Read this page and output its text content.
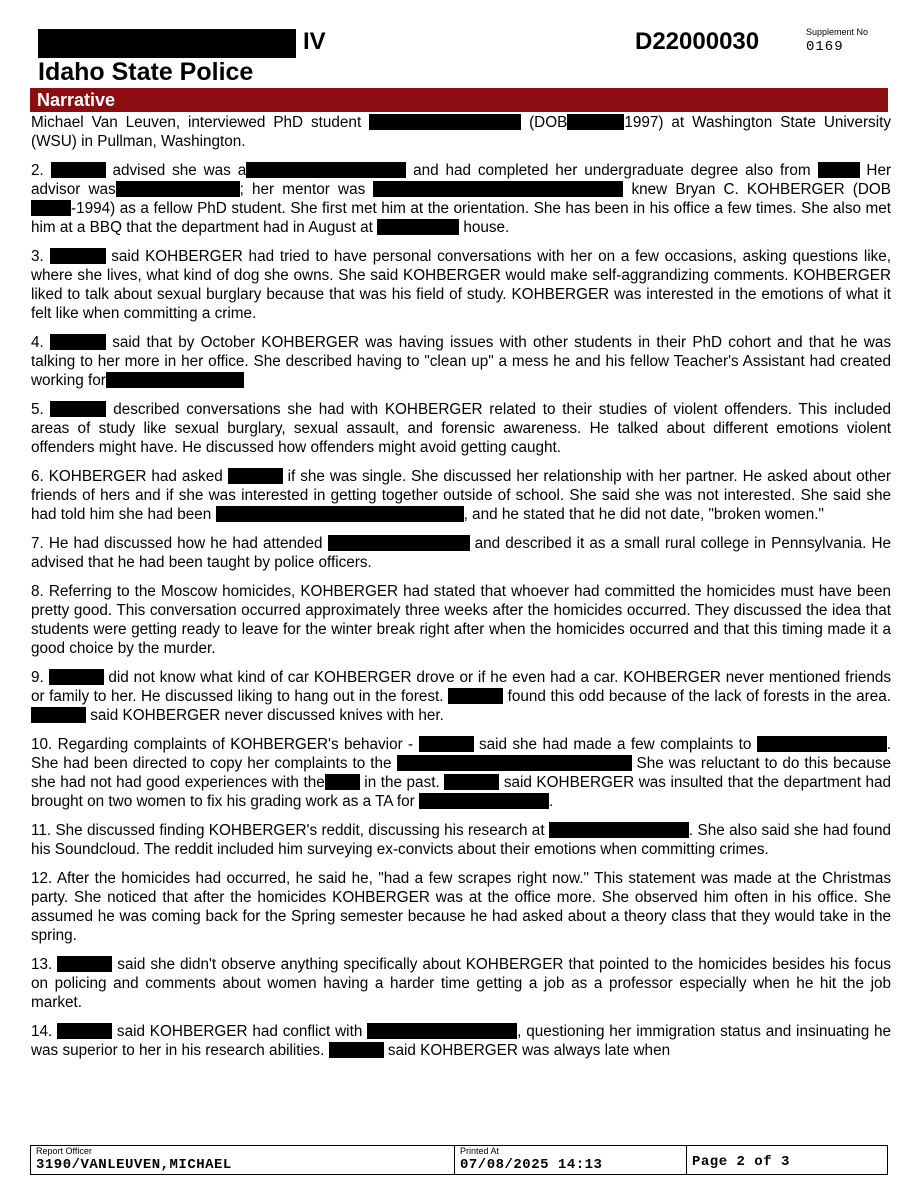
IV	D22000030	Supplement No
0169
Idaho State Police
Narrative

Michael Van Leuven, interviewed PhD student	(DOB	1997) at Washington State University (WSU) in Pullman, Washington.

2.	advised she was a	and had completed her undergraduate degree also from	Her advisor was	; her mentor was	knew Bryan C. KOHBERGER (DOB -1994) as a fellow PhD student. She first met him at the orientation. She has been in his office a few times. She also met him at a BBQ that the department had in August at	house.

3.	said KOHBERGER had tried to have personal conversations with her on a few occasions, asking questions like, where she lives, what kind of dog she owns. She said KOHBERGER would make self-aggrandizing comments. KOHBERGER liked to talk about sexual burglary because that was his field of study. KOHBERGER was interested in the emotions of what it felt like when committing a crime.

4.	said that by October KOHBERGER was having issues with other students in their PhD cohort and that he was talking to her more in her office. She described having to "clean up" a mess he and his fellow Teacher's Assistant had created working for

5.	described conversations she had with KOHBERGER related to their studies of violent offenders. This included areas of study like sexual burglary, sexual assault, and forensic awareness. He talked about different emotions violent offenders might have. He discussed how offenders might avoid getting caught.

6. KOHBERGER had asked	if she was single. She discussed her relationship with her partner. He asked about other friends of hers and if she was interested in getting together outside of school. She said she was not interested. She said she had told him she had been	, and he stated that he did not date, "broken women."

7. He had discussed how he had attended	and described it as a small rural college in Pennsylvania. He advised that he had been taught by police officers.

8. Referring to the Moscow homicides, KOHBERGER had stated that whoever had committed the homicides must have been pretty good. This conversation occurred approximately three weeks after the homicides occurred. They discussed the idea that students were getting ready to leave for the winter break right after when the homicides occurred and that this timing made it a good choice by the murder.

9.	did not know what kind of car KOHBERGER drove or if he even had a car. KOHBERGER never mentioned friends or family to her. He discussed liking to hang out in the forest.	found this odd because of the lack of forests in the area.  said KOHBERGER never discussed knives with her.

10. Regarding complaints of KOHBERGER's behavior -	said she had made a few complaints to	. She had been directed to copy her complaints to the	She was reluctant to do this because she had not had good experiences with the	in the past.	said KOHBERGER was insulted that the department had brought on two women to fix his grading work as a TA for	.

11. She discussed finding KOHBERGER's reddit, discussing his research at	. She also said she had found his Soundcloud. The reddit included him surveying ex-convicts about their emotions when committing crimes.

12. After the homicides had occurred, he said he, "had a few scrapes right now." This statement was made at the Christmas party. She noticed that after the homicides KOHBERGER was at the office more. She observed him often in his office. She assumed he was coming back for the Spring semester because he had asked about a theory class that they would take in the spring.

13.	said she didn't observe anything specifically about KOHBERGER that pointed to the homicides besides his focus on policing and comments about women having a harder time getting a job as a professor especially when he hit the job market.

14.	said KOHBERGER had conflict with	, questioning her immigration status and insinuating he was superior to her in his research abilities.	said KOHBERGER was always late when

Report Officer
3190/VANLEUVEN,MICHAEL
Printed At
07/08/2025 14:13	Page 2 of 3
